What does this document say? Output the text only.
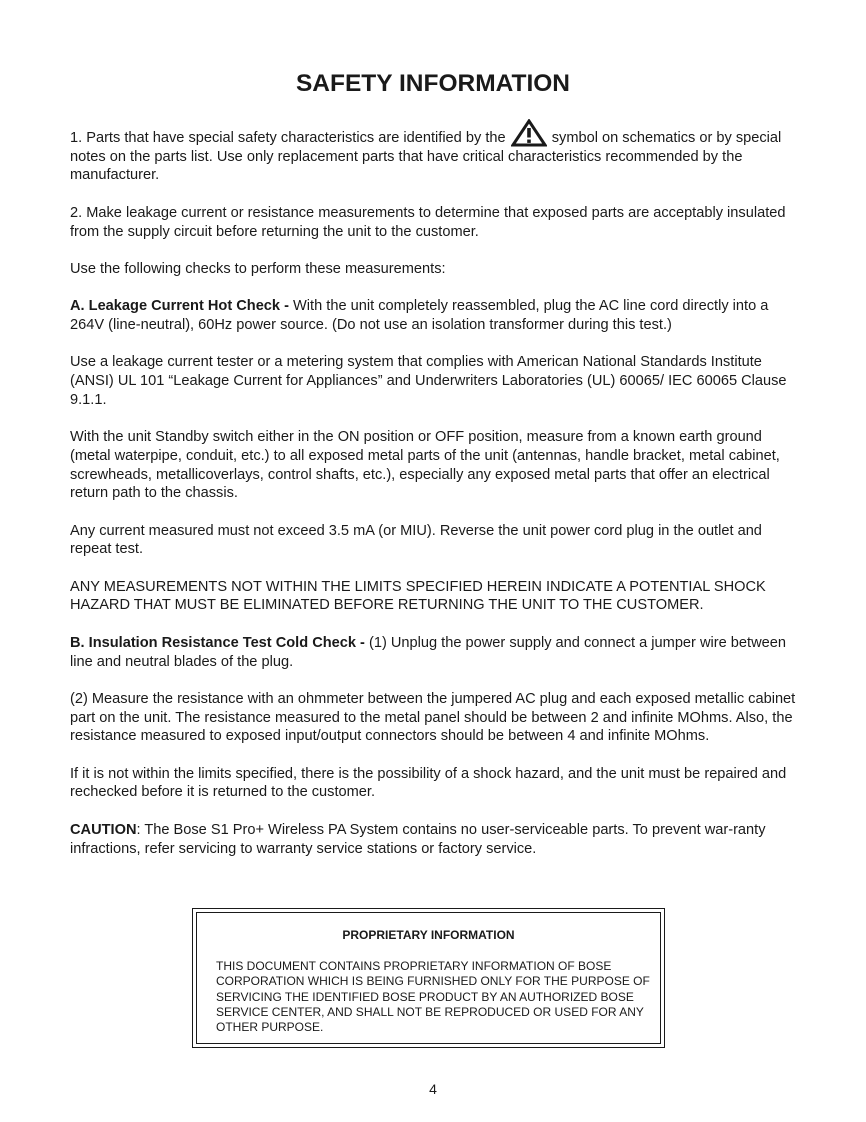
SAFETY INFORMATION

1. Parts that have special safety characteristics are identified by the	symbol on schematics or by special notes on the parts list. Use only replacement parts that have critical characteristics recommended by the manufacturer.

2. Make leakage current or resistance measurements to determine that exposed parts are acceptably insulated from the supply circuit before returning the unit to the customer.

Use the following checks to perform these measurements:

A. Leakage Current Hot Check - With the unit completely reassembled, plug the AC line cord directly into a 264V (line-neutral), 60Hz power source. (Do not use an isolation transformer during this test.)

Use a leakage current tester or a metering system that complies with American National Standards Institute (ANSI) UL 101 “Leakage Current for Appliances” and Underwriters Laboratories (UL) 60065/ IEC 60065 Clause 9.1.1.

With the unit Standby switch either in the ON position or OFF position, measure from a known earth ground (metal waterpipe, conduit, etc.) to all exposed metal parts of the unit (antennas, handle bracket, metal cabinet, screwheads, metallicoverlays, control shafts, etc.), especially any exposed metal parts that offer an electrical return path to the chassis.

Any current measured must not exceed 3.5 mA (or MIU). Reverse the unit power cord plug in the outlet and repeat test.

ANY MEASUREMENTS NOT WITHIN THE LIMITS SPECIFIED HEREIN INDICATE A POTENTIAL SHOCK HAZARD THAT MUST BE ELIMINATED BEFORE RETURNING THE UNIT TO THE CUSTOMER.

B. Insulation Resistance Test Cold Check - (1) Unplug the power supply and connect a jumper wire between line and neutral blades of the plug.

(2) Measure the resistance with an ohmmeter between the jumpered AC plug and each exposed metallic cabinet part on the unit. The resistance measured to the metal panel should be between 2 and infinite MOhms. Also, the resistance measured to exposed input/output connectors should be between 4 and infinite MOhms.

If it is not within the limits specified, there is the possibility of a shock hazard, and the unit must be repaired and rechecked before it is returned to the customer.

CAUTION: The Bose S1 Pro+ Wireless PA System contains no user-serviceable parts. To prevent war-ranty infractions, refer servicing to warranty service stations or factory service.

PROPRIETARY INFORMATION
THIS DOCUMENT CONTAINS PROPRIETARY INFORMATION OF BOSE CORPORATION WHICH IS BEING FURNISHED ONLY FOR THE PURPOSE OF SERVICING THE IDENTIFIED BOSE PRODUCT BY AN AUTHORIZED BOSE SERVICE CENTER, AND SHALL NOT BE REPRODUCED OR USED FOR ANY OTHER PURPOSE.
4
